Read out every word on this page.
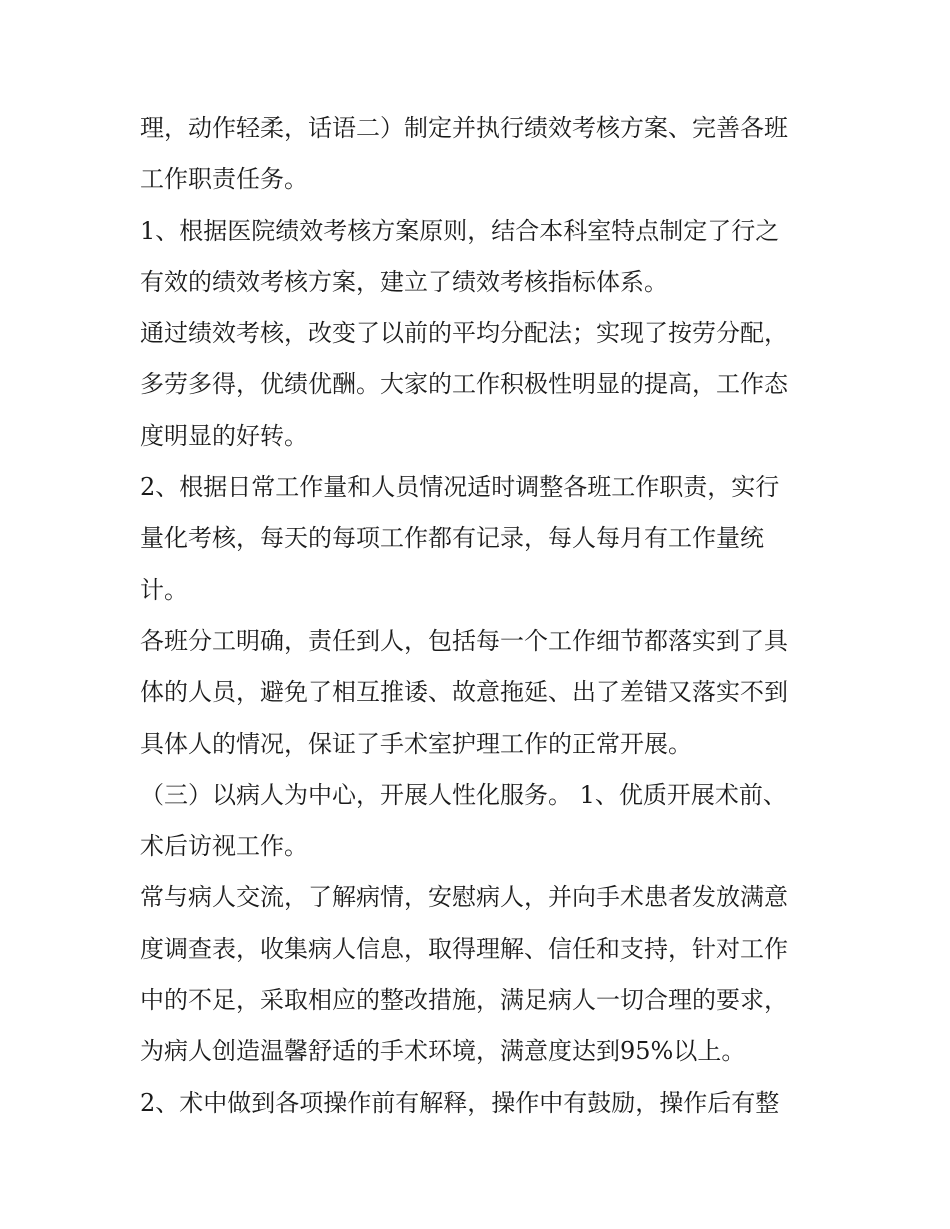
理，动作轻柔，话语二）制定并执行绩效考核方案、完善各班
工作职责任务。
1、根据医院绩效考核方案原则，结合本科室特点制定了行之
有效的绩效考核方案，建立了绩效考核指标体系。
通过绩效考核，改变了以前的平均分配法；实现了按劳分配，
多劳多得，优绩优酬。大家的工作积极性明显的提高，工作态
度明显的好转。
2、根据日常工作量和人员情况适时调整各班工作职责，实行
量化考核，每天的每项工作都有记录，每人每月有工作量统
计。
各班分工明确，责任到人，包括每一个工作细节都落实到了具
体的人员，避免了相互推诿、故意拖延、出了差错又落实不到
具体人的情况，保证了手术室护理工作的正常开展。
（三）以病人为中心，开展人性化服务。 1、优质开展术前、
术后访视工作。
常与病人交流，了解病情，安慰病人，并向手术患者发放满意
度调查表，收集病人信息，取得理解、信任和支持，针对工作
中的不足，采取相应的整改措施，满足病人一切合理的要求，
为病人创造温馨舒适的手术环境，满意度达到95%以上。
2、术中做到各项操作前有解释，操作中有鼓励，操作后有整
